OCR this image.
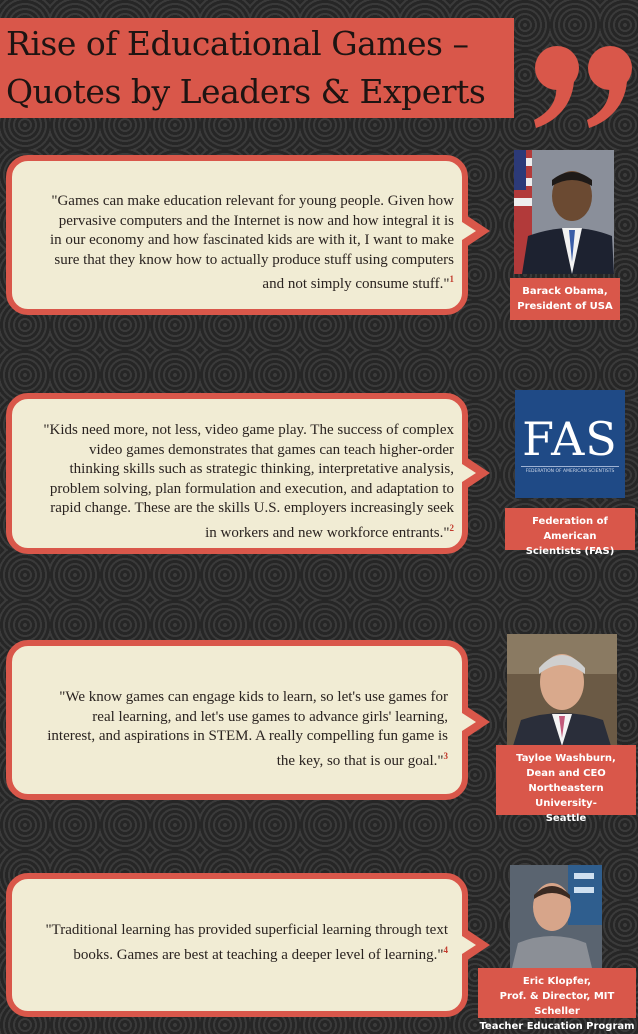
Rise of Educational Games –
Quotes by Leaders & Experts
"Games can make education relevant for young people. Given how
pervasive computers and the Internet is now and how integral it is
in our economy and how fascinated kids are with it, I want to make
sure that they know how to actually produce stuff using computers
and not simply consume stuff."$^1$
Barack Obama,
President of USA
"Kids need more, not less, video game play. The success of complex
video games demonstrates that games can teach higher-order
thinking skills such as strategic thinking, interpretative analysis,
problem solving, plan formulation and execution, and adaptation to
rapid change. These are the skills U.S. employers increasingly seek
in workers and new workforce entrants."$^2$
FAS
FEDERATION OF AMERICAN SCIENTISTS
Federation of American
Scientists (FAS)
"We know games can engage kids to learn, so let's use games for
real learning, and let's use games to advance girls' learning,
interest, and aspirations in STEM. A really compelling fun game is
the key, so that is our goal."$^3$	Tayloe Washburn,
Dean and CEO
Northeastern University-
Seattle
"Traditional learning has provided superficial learning through text
books. Games are best at teaching a deeper level of learning."$^4$
Eric Klopfer,
Prof. & Director, MIT Scheller
Teacher Education Program
